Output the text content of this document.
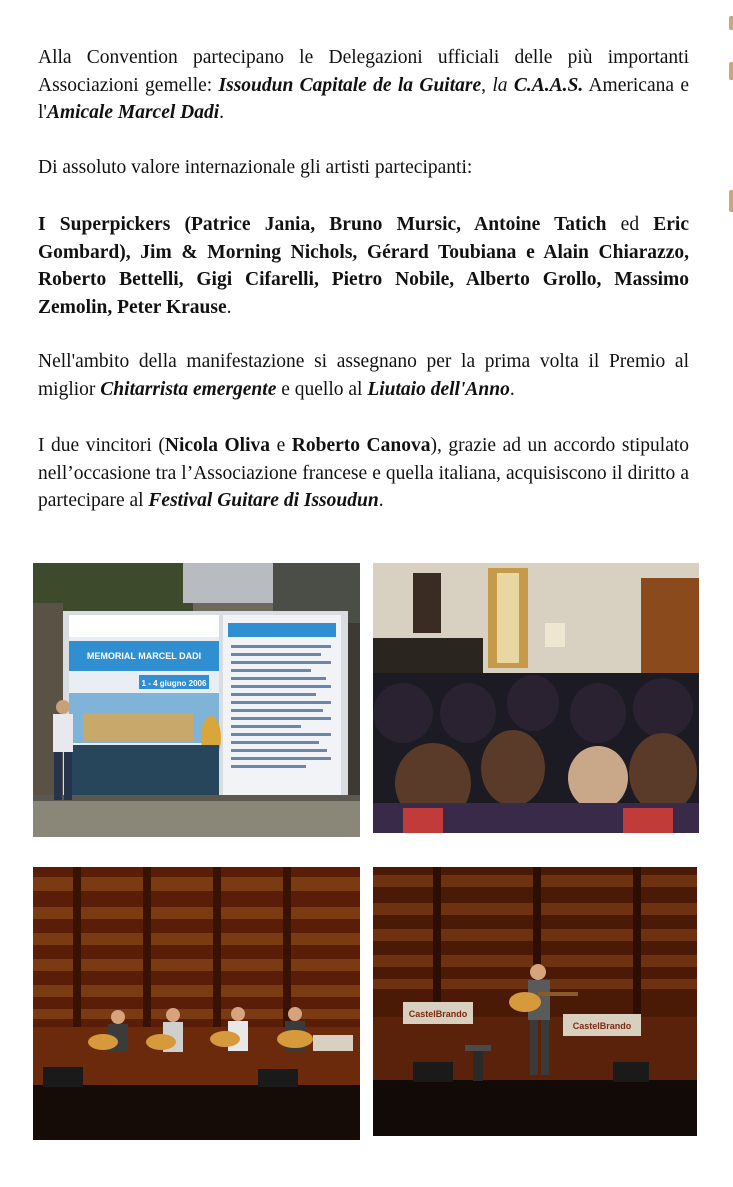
Alla Convention partecipano le Delegazioni ufficiali delle più importanti Associazioni gemelle: Issoudun Capitale de la Guitare, la C.A.A.S. Americana e l'Amicale Marcel Dadi.
Di assoluto valore internazionale gli artisti partecipanti:
I Superpickers (Patrice Jania, Bruno Mursic, Antoine Tatich ed Eric Gombard), Jim & Morning Nichols, Gérard Toubiana e Alain Chiarazzo, Roberto Bettelli, Gigi Cifarelli, Pietro Nobile, Alberto Grollo, Massimo Zemolin, Peter Krause.
Nell'ambito della manifestazione si assegnano per la prima volta il Premio al miglior Chitarrista emergente e quello al Liutaio dell'Anno.
I due vincitori (Nicola Oliva e Roberto Canova), grazie ad un accordo stipulato nell’occasione tra l’Associazione francese e quella italiana, acquisiscono il diritto a partecipare al Festival Guitare di Issoudun.
MEMORIAL MARCEL DADI
1 - 4 giugno 2006
CastelBrando
CastelBrando
